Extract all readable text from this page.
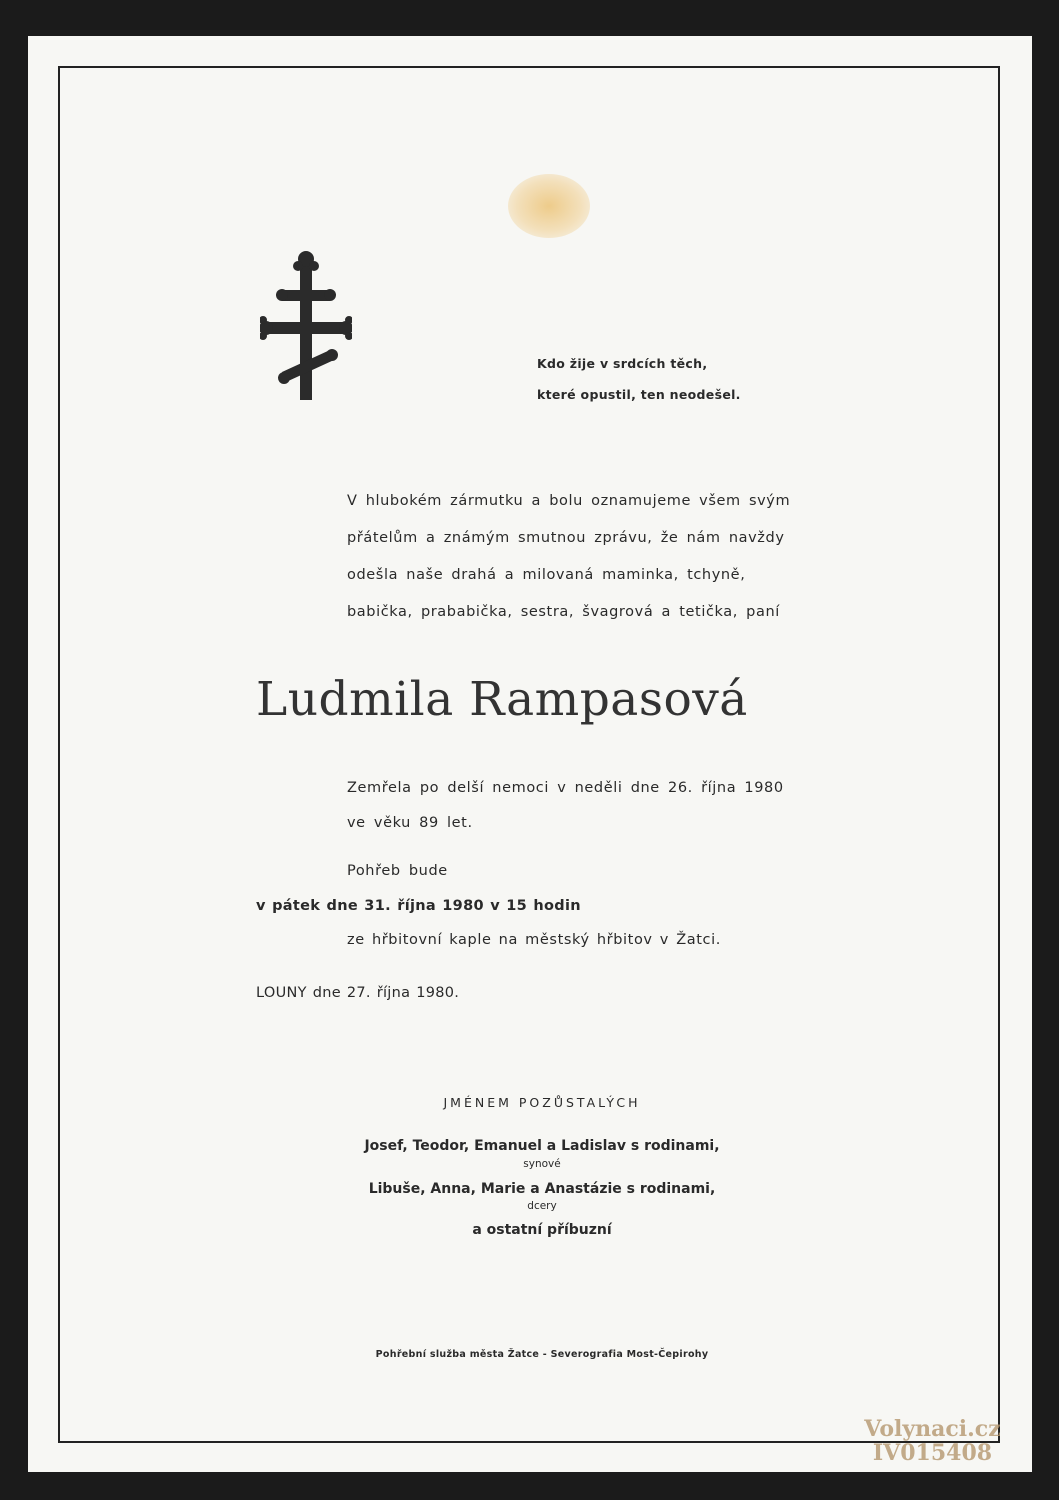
Kdo žije v srdcích těch,
které opustil, ten neodešel.
V hlubokém zármutku a bolu oznamujeme všem svým
přátelům a známým smutnou zprávu, že nám navždy
odešla naše drahá a milovaná maminka, tchyně,
babička, prababička, sestra, švagrová a tetička, paní
Ludmila Rampasová
Zemřela po delší nemoci v neděli dne 26. října 1980
ve věku 89 let.
Pohřeb bude
v pátek dne 31. října 1980 v 15 hodin
ze hřbitovní kaple na městský hřbitov v Žatci.
LOUNY dne 27. října 1980.
JMÉNEM POZŮSTALÝCH
Josef, Teodor, Emanuel a Ladislav s rodinami,
synové
Libuše, Anna, Marie a Anastázie s rodinami,
dcery
a ostatní příbuzní
Pohřební služba města Žatce - Severografia Most-Čepirohy
Volynaci.cz
IV015408
